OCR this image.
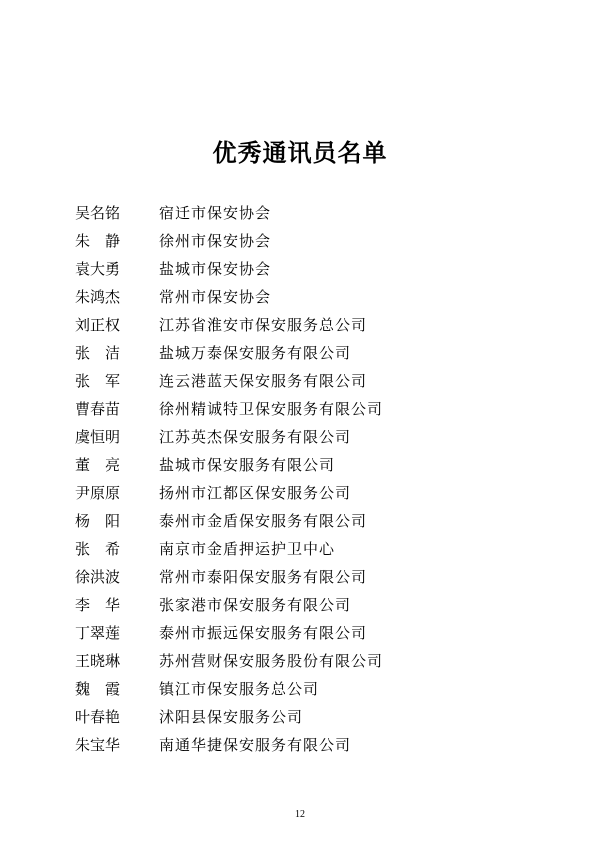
优秀通讯员名单
吴名铭	宿迁市保安协会
朱　静	徐州市保安协会
袁大勇	盐城市保安协会
朱鸿杰	常州市保安协会
刘正权	江苏省淮安市保安服务总公司
张　洁	盐城万泰保安服务有限公司
张　军	连云港蓝天保安服务有限公司
曹春苗	徐州精诚特卫保安服务有限公司
虞恒明	江苏英杰保安服务有限公司
董　亮	盐城市保安服务有限公司
尹原原	扬州市江都区保安服务公司
杨　阳	泰州市金盾保安服务有限公司
张　希	南京市金盾押运护卫中心
徐洪波	常州市泰阳保安服务有限公司
李　华	张家港市保安服务有限公司
丁翠莲	泰州市振远保安服务有限公司
王晓琳	苏州营财保安服务股份有限公司
魏　霞	镇江市保安服务总公司
叶春艳	沭阳县保安服务公司
朱宝华	南通华捷保安服务有限公司
12
